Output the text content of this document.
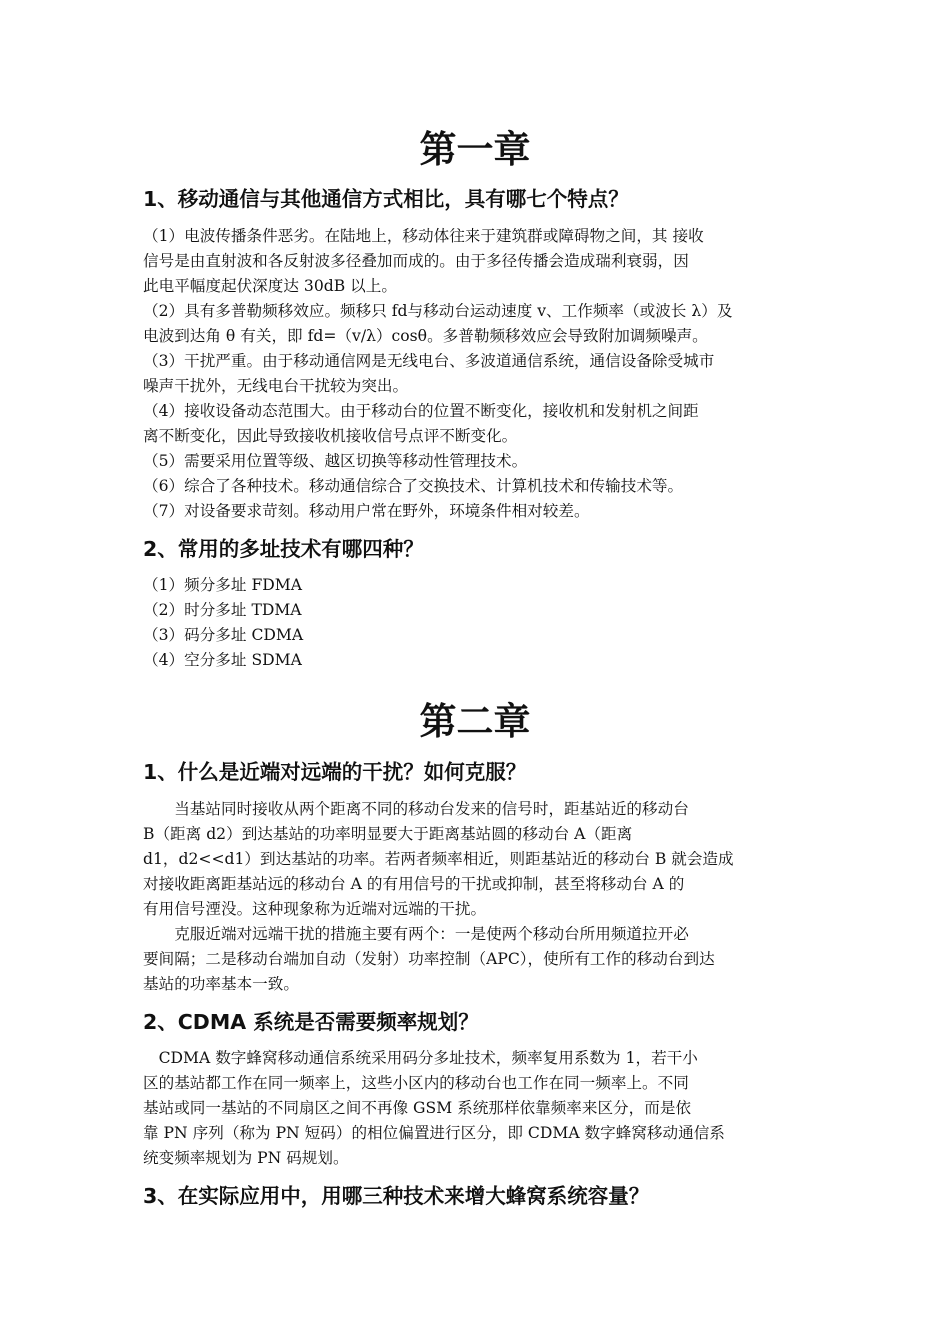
第一章
1、移动通信与其他通信方式相比，具有哪七个特点？
（1）电波传播条件恶劣。在陆地上，移动体往来于建筑群或障碍物之间，其 接收
信号是由直射波和各反射波多径叠加而成的。由于多径传播会造成瑞利衰弱，因
此电平幅度起伏深度达 30dB 以上。
（2）具有多普勒频移效应。频移只 fd与移动台运动速度 v、工作频率（或波长 λ）及
电波到达角 θ 有关，即 fd=（v/λ）cosθ。多普勒频移效应会导致附加调频噪声。
（3）干扰严重。由于移动通信网是无线电台、多波道通信系统，通信设备除受城市
噪声干扰外，无线电台干扰较为突出。
（4）接收设备动态范围大。由于移动台的位置不断变化，接收机和发射机之间距
离不断变化，因此导致接收机接收信号点评不断变化。
（5）需要采用位置等级、越区切换等移动性管理技术。
（6）综合了各种技术。移动通信综合了交换技术、计算机技术和传输技术等。
（7）对设备要求苛刻。移动用户常在野外，环境条件相对较差。
2、常用的多址技术有哪四种？

（1）频分多址 FDMA

（2）时分多址 TDMA

（3）码分多址 CDMA

（4）空分多址 SDMA

第二章
1、什么是近端对远端的干扰？如何克服？
　　当基站同时接收从两个距离不同的移动台发来的信号时，距基站近的移动台
B（距离 d2）到达基站的功率明显要大于距离基站圆的移动台 A（距离
d1，d2<<d1）到达基站的功率。若两者频率相近，则距基站近的移动台 B 就会造成
对接收距离距基站远的移动台 A 的有用信号的干扰或抑制，甚至将移动台 A 的
有用信号湮没。这种现象称为近端对远端的干扰。
　　克服近端对远端干扰的措施主要有两个：一是使两个移动台所用频道拉开必
要间隔；二是移动台端加自动（发射）功率控制（APC），使所有工作的移动台到达
基站的功率基本一致。
2、CDMA 系统是否需要频率规划？
　CDMA 数字蜂窝移动通信系统采用码分多址技术，频率复用系数为 1，若干小
区的基站都工作在同一频率上，这些小区内的移动台也工作在同一频率上。不同
基站或同一基站的不同扇区之间不再像 GSM 系统那样依靠频率来区分，而是依
靠 PN 序列（称为 PN 短码）的相位偏置进行区分，即 CDMA 数字蜂窝移动通信系
统变频率规划为 PN 码规划。
3、在实际应用中，用哪三种技术来增大蜂窝系统容量？
